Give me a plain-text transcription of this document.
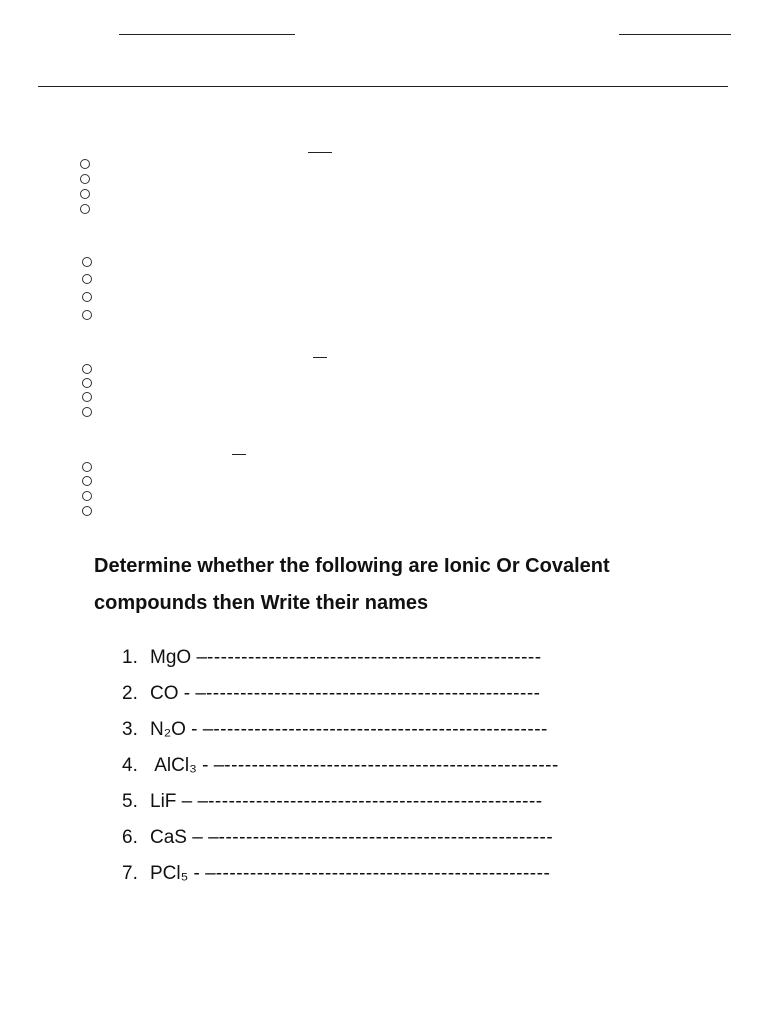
Determine whether the following are Ionic Or Covalent
compounds then Write their names

1. MgO –-------------------------------------------------
2. CO - –-------------------------------------------------
3. N₂O - –-------------------------------------------------
4. AlCl₃ - –-------------------------------------------------
5. LiF – –-------------------------------------------------
6. CaS – –-------------------------------------------------
7. PCl₅ - –-------------------------------------------------
